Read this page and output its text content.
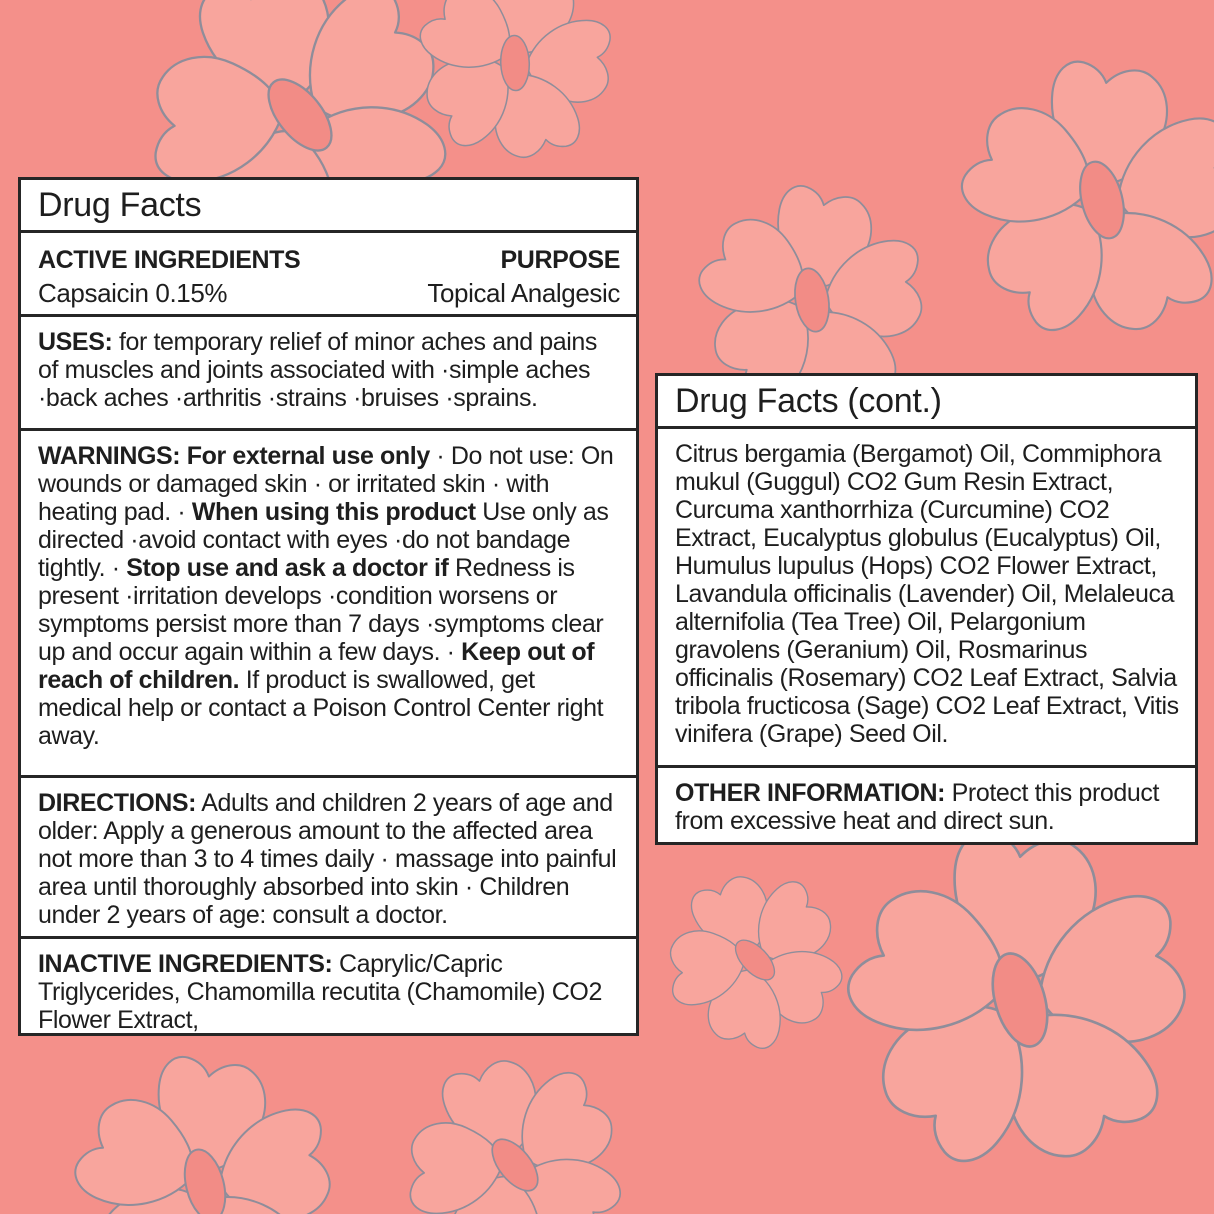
Drug Facts
ACTIVE INGREDIENTS
Capsaicin 0.15%
PURPOSE
Topical Analgesic
USES: for temporary relief of minor aches and pains of muscles and joints associated with ·simple aches ·back aches ·arthritis ·strains ·bruises ·sprains.
WARNINGS: For external use only · Do not use: On wounds or damaged skin · or irritated skin · with heating pad. · When using this product Use only as directed ·avoid contact with eyes ·do not bandage tightly. · Stop use and ask a doctor if Redness is present ·irritation develops ·condition worsens or symptoms persist more than 7 days ·symptoms clear up and occur again within a few days. · Keep out of reach of children. If product is swallowed, get medical help or contact a Poison Control Center right away.
DIRECTIONS: Adults and children 2 years of age and older: Apply a generous amount to the affected area not more than 3 to 4 times daily · massage into painful area until thoroughly absorbed into skin · Children under 2 years of age: consult a doctor.
INACTIVE INGREDIENTS: Caprylic/Capric Triglycerides, Chamomilla recutita (Chamomile) CO2 Flower Extract,
Drug Facts (cont.)
Citrus bergamia (Bergamot) Oil, Commiphora mukul (Guggul) CO2 Gum Resin Extract, Curcuma xanthorrhiza (Curcumine) CO2 Extract, Eucalyptus globulus (Eucalyptus) Oil, Humulus lupulus (Hops) CO2 Flower Extract, Lavandula officinalis (Lavender) Oil, Melaleuca alternifolia (Tea Tree) Oil, Pelargonium gravolens (Geranium) Oil, Rosmarinus officinalis (Rosemary) CO2 Leaf Extract, Salvia tribola fructicosa (Sage) CO2 Leaf Extract, Vitis vinifera (Grape) Seed Oil.
OTHER INFORMATION: Protect this product from excessive heat and direct sun.
